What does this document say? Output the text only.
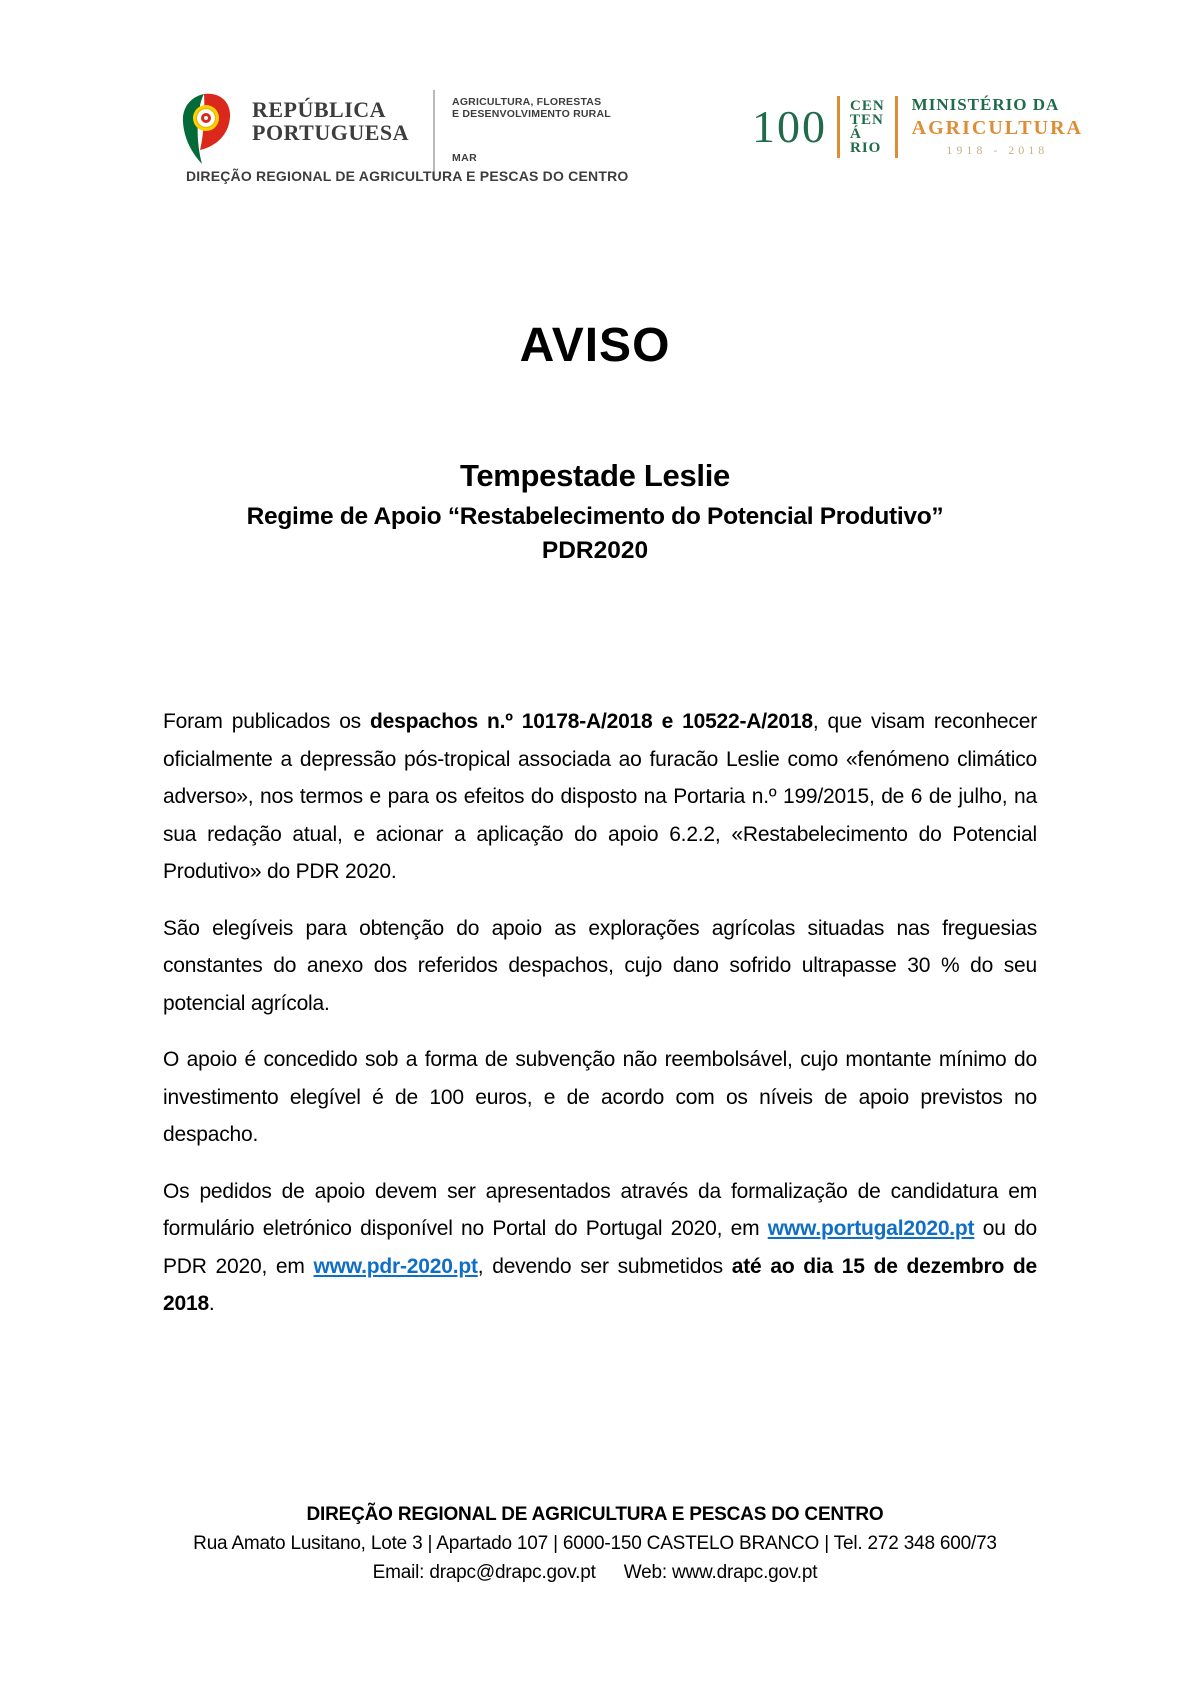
REPÚBLICA
PORTUGUESA
AGRICULTURA, FLORESTAS
E DESENVOLVIMENTO RURAL
MAR
DIREÇÃO REGIONAL DE AGRICULTURA E PESCAS DO CENTRO
100 CEN
TEN
Á
RIO
MINISTÉRIO DA
AGRICULTURA
1918 - 2018
AVISO
Tempestade Leslie
Regime de Apoio “Restabelecimento do Potencial Produtivo”
PDR2020

Foram publicados os despachos n.º 10178-A/2018 e 10522-A/2018, que visam reconhecer oficialmente a depressão pós-tropical associada ao furacão Leslie como «fenómeno climático adverso», nos termos e para os efeitos do disposto na Portaria n.º 199/2015, de 6 de julho, na sua redação atual, e acionar a aplicação do apoio 6.2.2, «Restabelecimento do Potencial Produtivo» do PDR 2020.

São elegíveis para obtenção do apoio as explorações agrícolas situadas nas freguesias constantes do anexo dos referidos despachos, cujo dano sofrido ultrapasse 30 % do seu potencial agrícola.

O apoio é concedido sob a forma de subvenção não reembolsável, cujo montante mínimo do investimento elegível é de 100 euros, e de acordo com os níveis de apoio previstos no despacho.

Os pedidos de apoio devem ser apresentados através da formalização de candidatura em formulário eletrónico disponível no Portal do Portugal 2020, em www.portugal2020.pt ou do PDR 2020, em www.pdr-2020.pt, devendo ser submetidos até ao dia 15 de dezembro de 2018.

DIREÇÃO REGIONAL DE AGRICULTURA E PESCAS DO CENTRO
Rua Amato Lusitano, Lote 3 | Apartado 107 | 6000-150 CASTELO BRANCO | Tel. 272 348 600/73
Email: drapc@drapc.gov.pt Web: www.drapc.gov.pt
